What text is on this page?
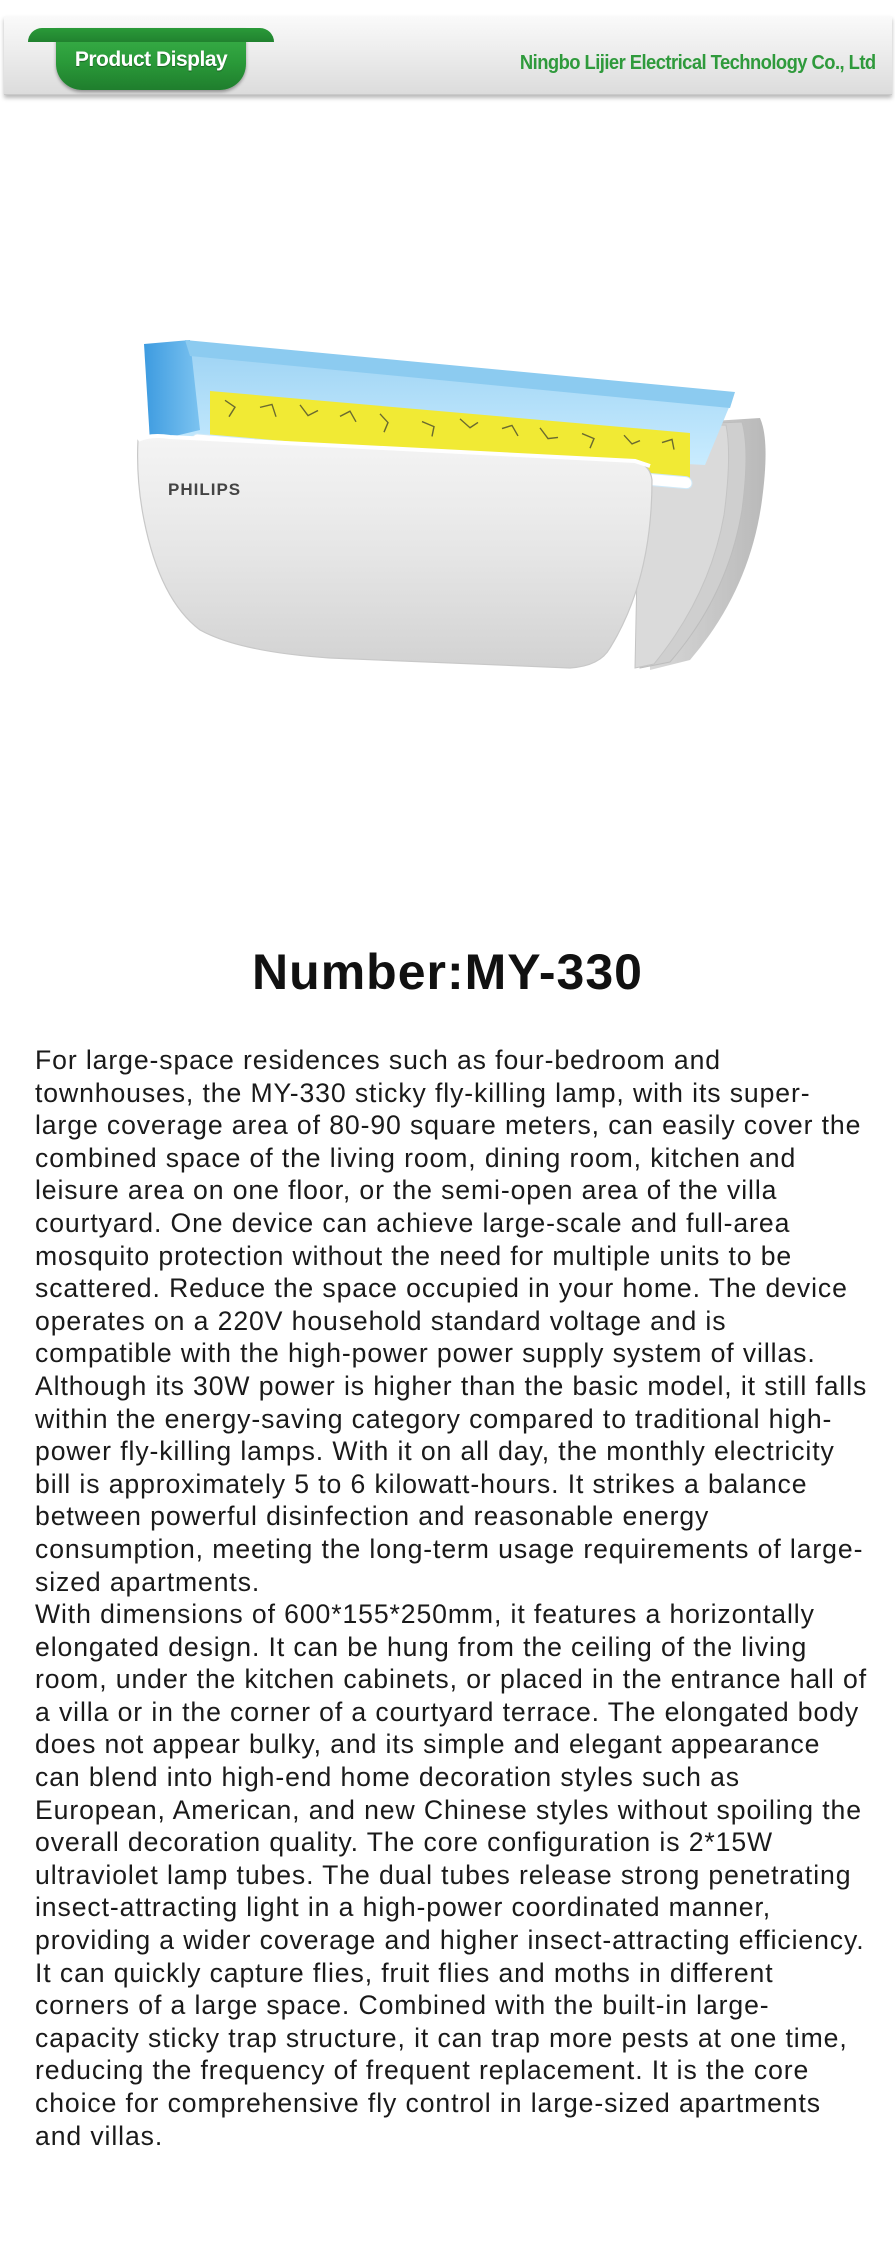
Product Display	Ningbo Lijier Electrical Technology Co., Ltd
PHILIPS
Number:MY-330

For large-space residences such as four-bedroom and townhouses, the MY-330 sticky fly-killing lamp, with its super-large coverage area of 80-90 square meters, can easily cover the combined space of the living room, dining room, kitchen and leisure area on one floor, or the semi-open area of the villa courtyard. One device can achieve large-scale and full-area mosquito protection without the need for multiple units to be scattered. Reduce the space occupied in your home. The device operates on a 220V household standard voltage and is compatible with the high-power power supply system of villas. Although its 30W power is higher than the basic model, it still falls within the energy-saving category compared to traditional high-power fly-killing lamps. With it on all day, the monthly electricity bill is approximately 5 to 6 kilowatt-hours. It strikes a balance between powerful disinfection and reasonable energy consumption, meeting the long-term usage requirements of large-sized apartments.

With dimensions of 600*155*250mm, it features a horizontally elongated design. It can be hung from the ceiling of the living room, under the kitchen cabinets, or placed in the entrance hall of a villa or in the corner of a courtyard terrace. The elongated body does not appear bulky, and its simple and elegant appearance can blend into high-end home decoration styles such as European, American, and new Chinese styles without spoiling the overall decoration quality. The core configuration is 2*15W ultraviolet lamp tubes. The dual tubes release strong penetrating insect-attracting light in a high-power coordinated manner, providing a wider coverage and higher insect-attracting efficiency. It can quickly capture flies, fruit flies and moths in different corners of a large space. Combined with the built-in large-capacity sticky trap structure, it can trap more pests at one time, reducing the frequency of frequent replacement. It is the core choice for comprehensive fly control in large-sized apartments and villas.
